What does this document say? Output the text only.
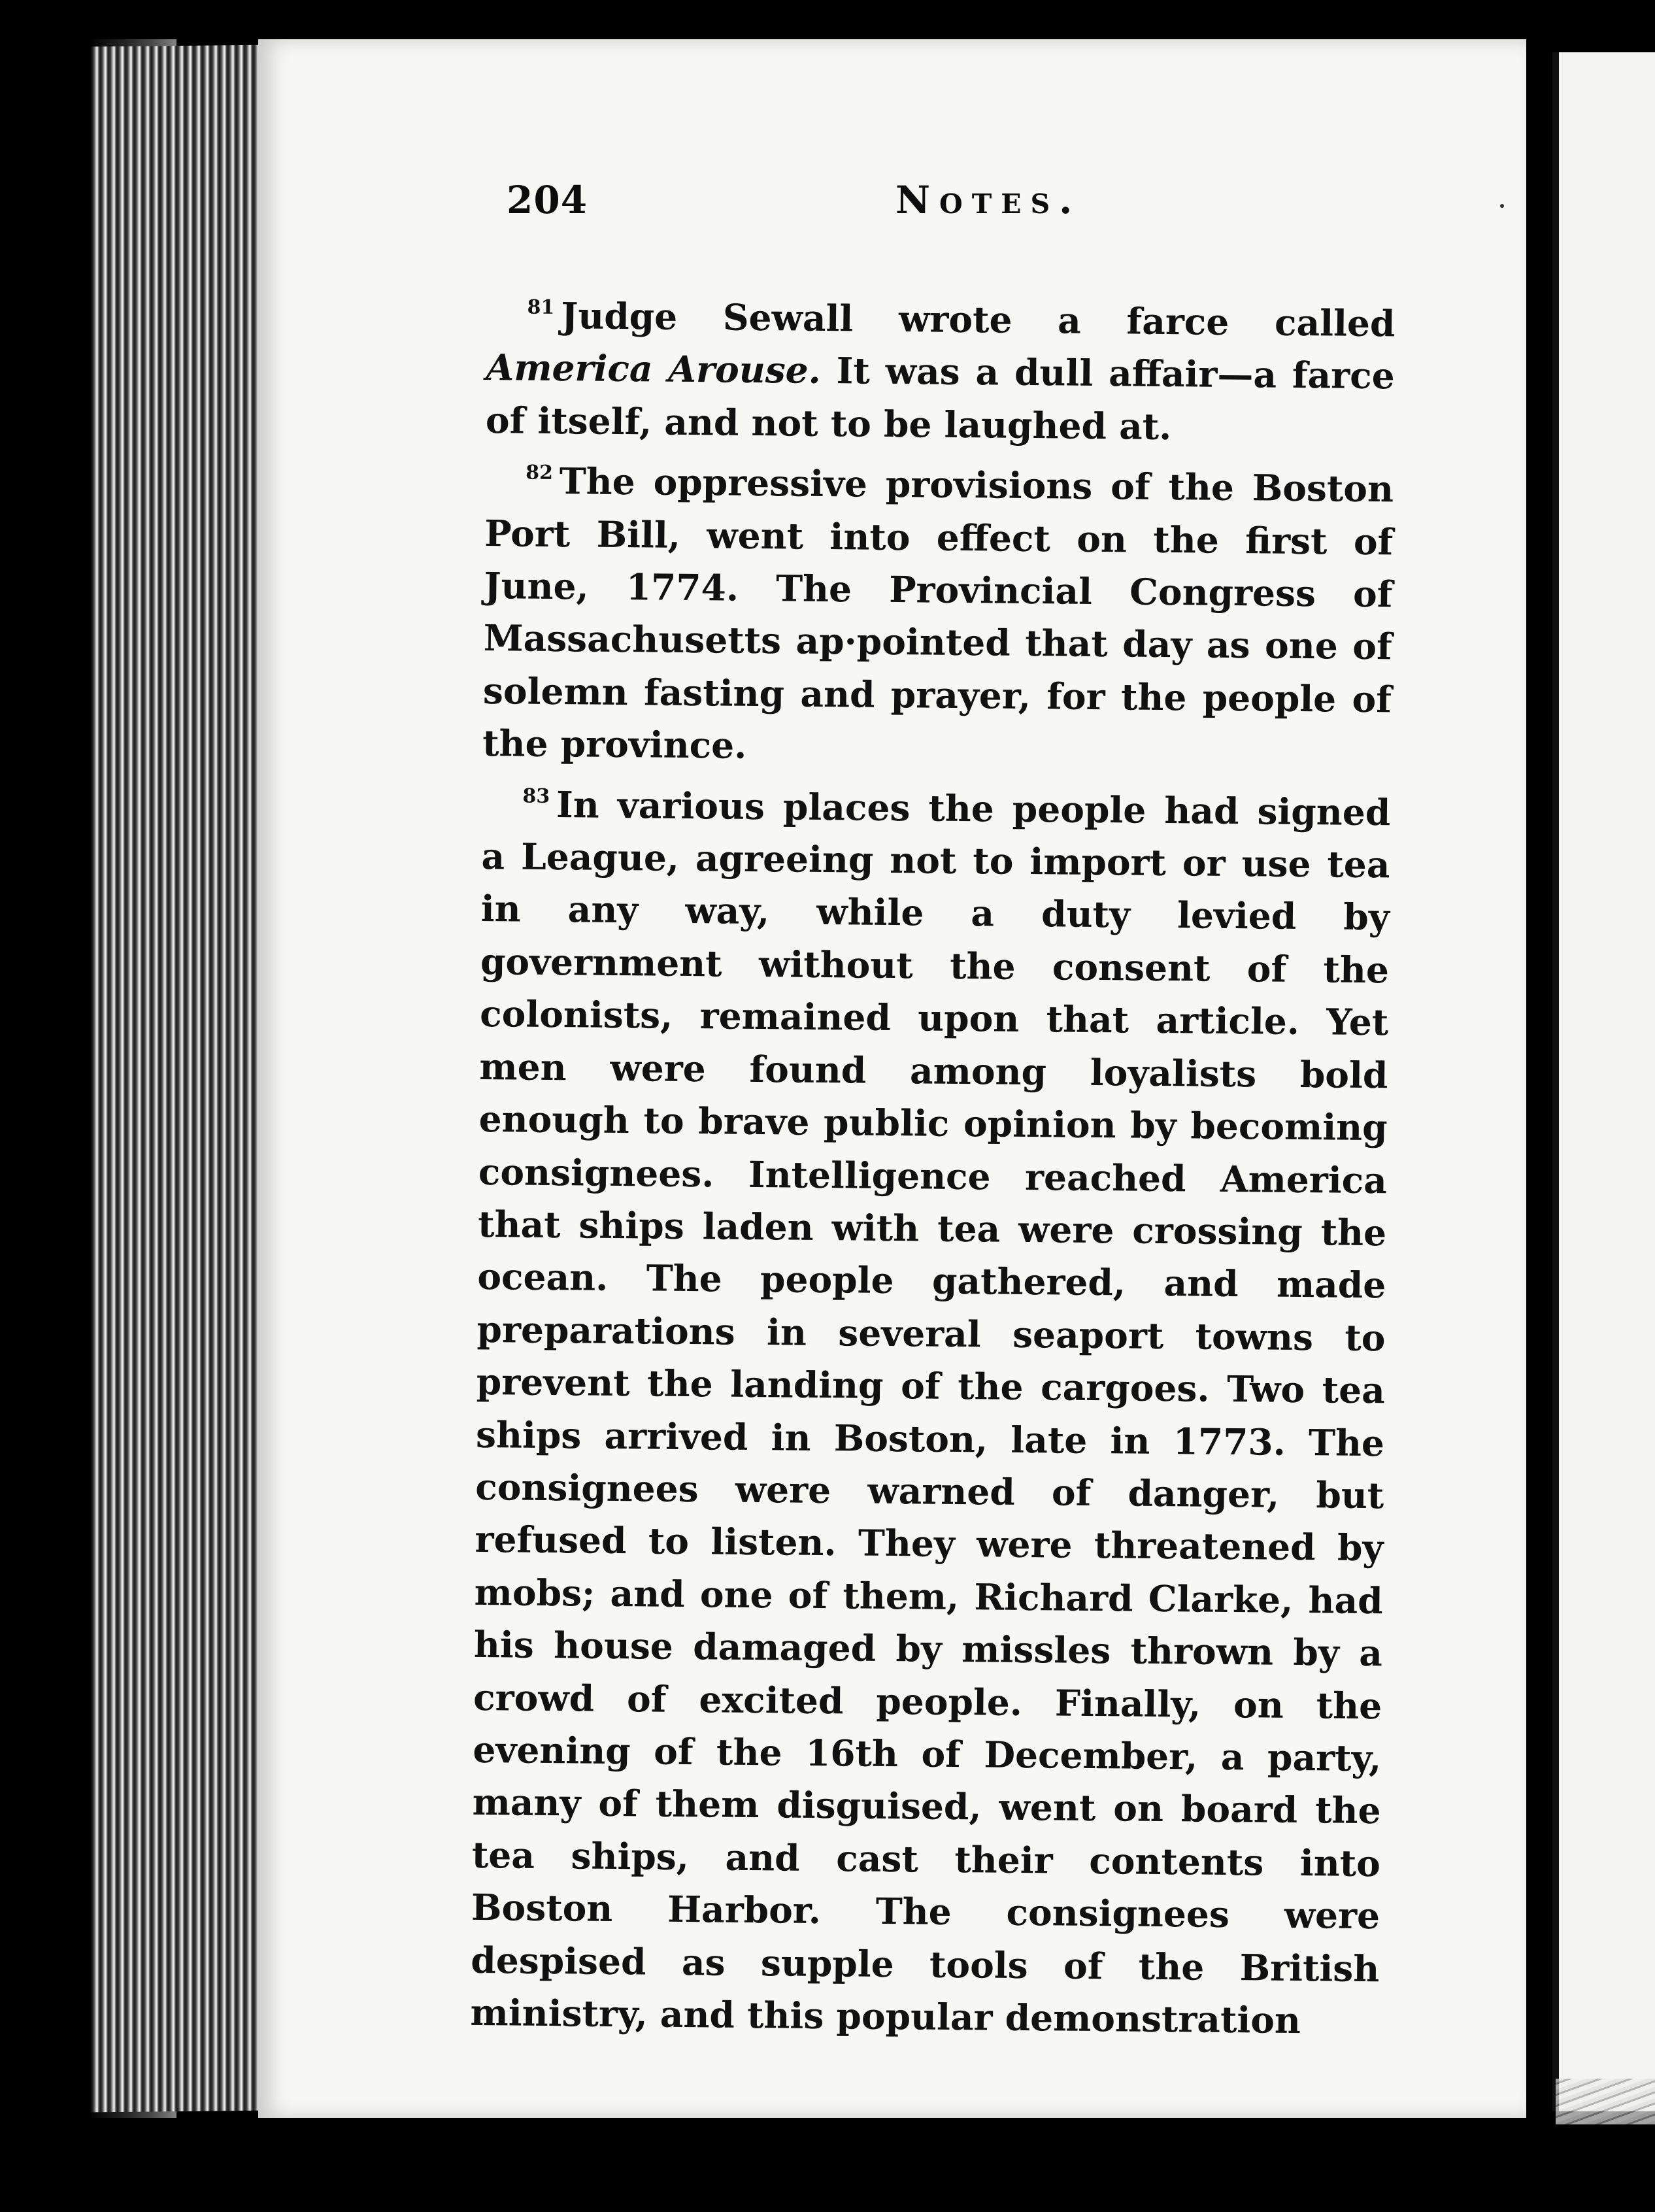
204	Notes.

$^{81}$ Judge Sewall wrote a farce called America Arouse. It was a dull affair—a farce of itself, and not to be laughed at.

$^{82}$ The oppressive provisions of the Boston Port Bill, went into effect on the first of June, 1774. The Provincial Congress of Massachusetts ap·pointed that day as one of solemn fasting and prayer, for the people of the province.

$^{83}$ In various places the people had signed a League, agreeing not to import or use tea in any way, while a duty levied by government without the consent of the colonists, remained upon that article. Yet men were found among loyalists bold enough to brave public opinion by becoming consignees. Intelligence reached America that ships laden with tea were crossing the ocean. The people gathered, and made preparations in several seaport towns to prevent the landing of the cargoes. Two tea ships arrived in Boston, late in 1773. The consignees were warned of danger, but refused to listen. They were threatened by mobs; and one of them, Richard Clarke, had his house damaged by missles thrown by a crowd of excited people. Finally, on the evening of the 16th of December, a party, many of them disguised, went on board the tea ships, and cast their contents into Boston Harbor. The consignees were despised as supple tools of the British ministry, and this popular demonstration
